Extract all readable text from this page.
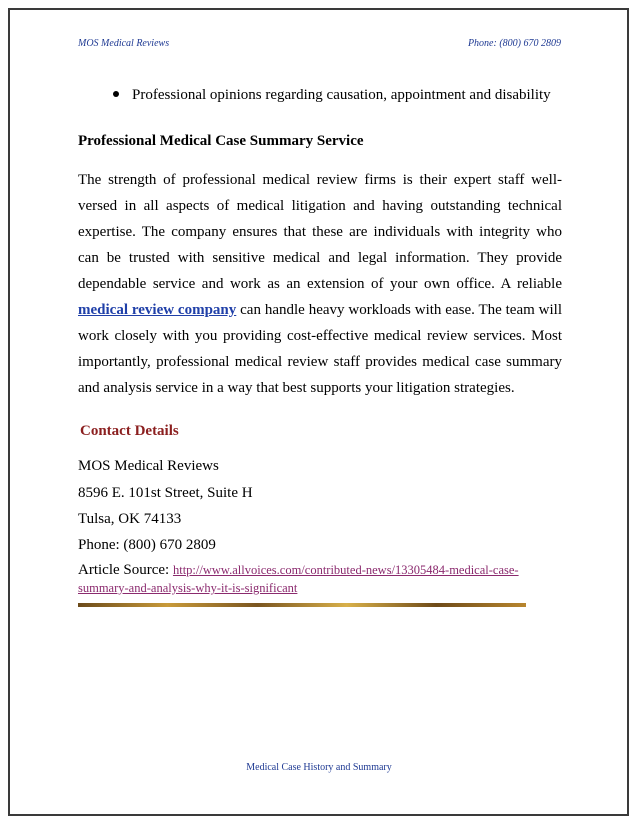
MOS Medical Reviews	Phone: (800) 670 2809
Professional opinions regarding causation, appointment and disability
Professional Medical Case Summary Service
The strength of professional medical review firms is their expert staff well-versed in all aspects of medical litigation and having outstanding technical expertise. The company ensures that these are individuals with integrity who can be trusted with sensitive medical and legal information. They provide dependable service and work as an extension of your own office. A reliable medical review company can handle heavy workloads with ease. The team will work closely with you providing cost-effective medical review services. Most importantly, professional medical review staff provides medical case summary and analysis service in a way that best supports your litigation strategies.
Contact Details
MOS Medical Reviews
8596 E. 101st Street, Suite H
Tulsa, OK 74133
Phone: (800) 670 2809
Article Source: http://www.allvoices.com/contributed-news/13305484-medical-case-summary-and-analysis-why-it-is-significant
Medical Case History and Summary
